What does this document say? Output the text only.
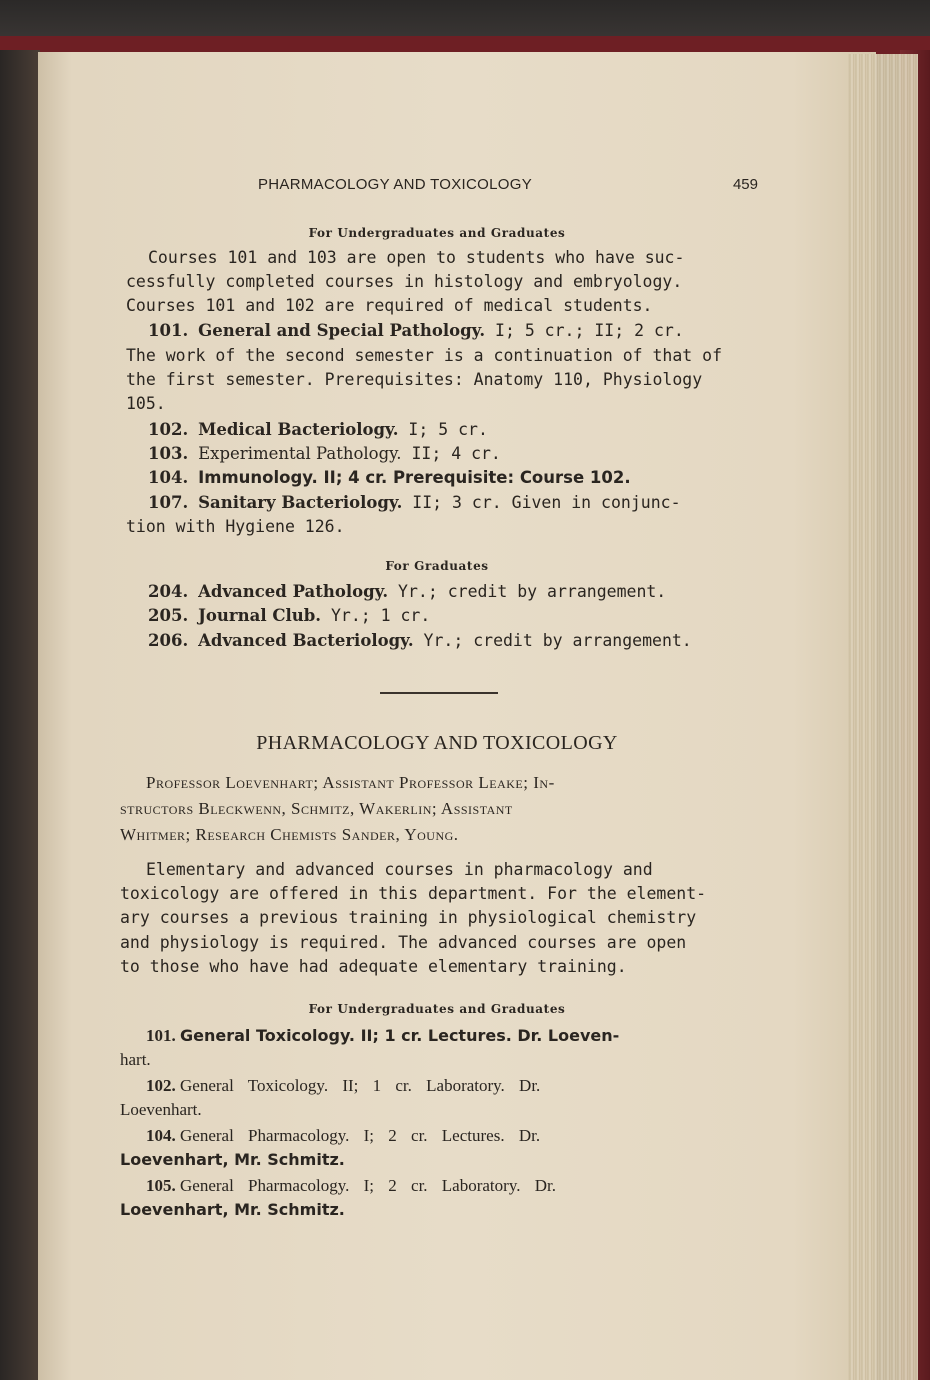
PHARMACOLOGY AND TOXICOLOGY	459
For Undergraduates and Graduates
Courses 101 and 103 are open to students who have suc-
cessfully completed courses in histology and embryology.
Courses 101 and 102 are required of medical students.
101. General and Special Pathology. I; 5 cr.; II; 2 cr.
The work of the second semester is a continuation of that of
the first semester. Prerequisites: Anatomy 110, Physiology
105.
102. Medical Bacteriology. I; 5 cr.
103. Experimental Pathology. II; 4 cr.
104. Immunology. II; 4 cr. Prerequisite: Course 102.
107. Sanitary Bacteriology. II; 3 cr. Given in conjunc-
tion with Hygiene 126.
For Graduates
204. Advanced Pathology. Yr.; credit by arrangement.
205. Journal Club. Yr.; 1 cr.
206. Advanced Bacteriology. Yr.; credit by arrangement.
PHARMACOLOGY AND TOXICOLOGY
Professor Loevenhart; Assistant Professor Leake; In-
structors Bleckwenn, Schmitz, Wakerlin; Assistant
Whitmer; Research Chemists Sander, Young.
Elementary and advanced courses in pharmacology and
toxicology are offered in this department. For the element-
ary courses a previous training in physiological chemistry
and physiology is required. The advanced courses are open
to those who have had adequate elementary training.
For Undergraduates and Graduates
101. General Toxicology. II; 1 cr. Lectures. Dr. Loeven-
hart.
102. General Toxicology. II; 1 cr. Laboratory. Dr.
Loevenhart.
104. General Pharmacology. I; 2 cr. Lectures. Dr.
Loevenhart, Mr. Schmitz.
105. General Pharmacology. I; 2 cr. Laboratory. Dr.
Loevenhart, Mr. Schmitz.
